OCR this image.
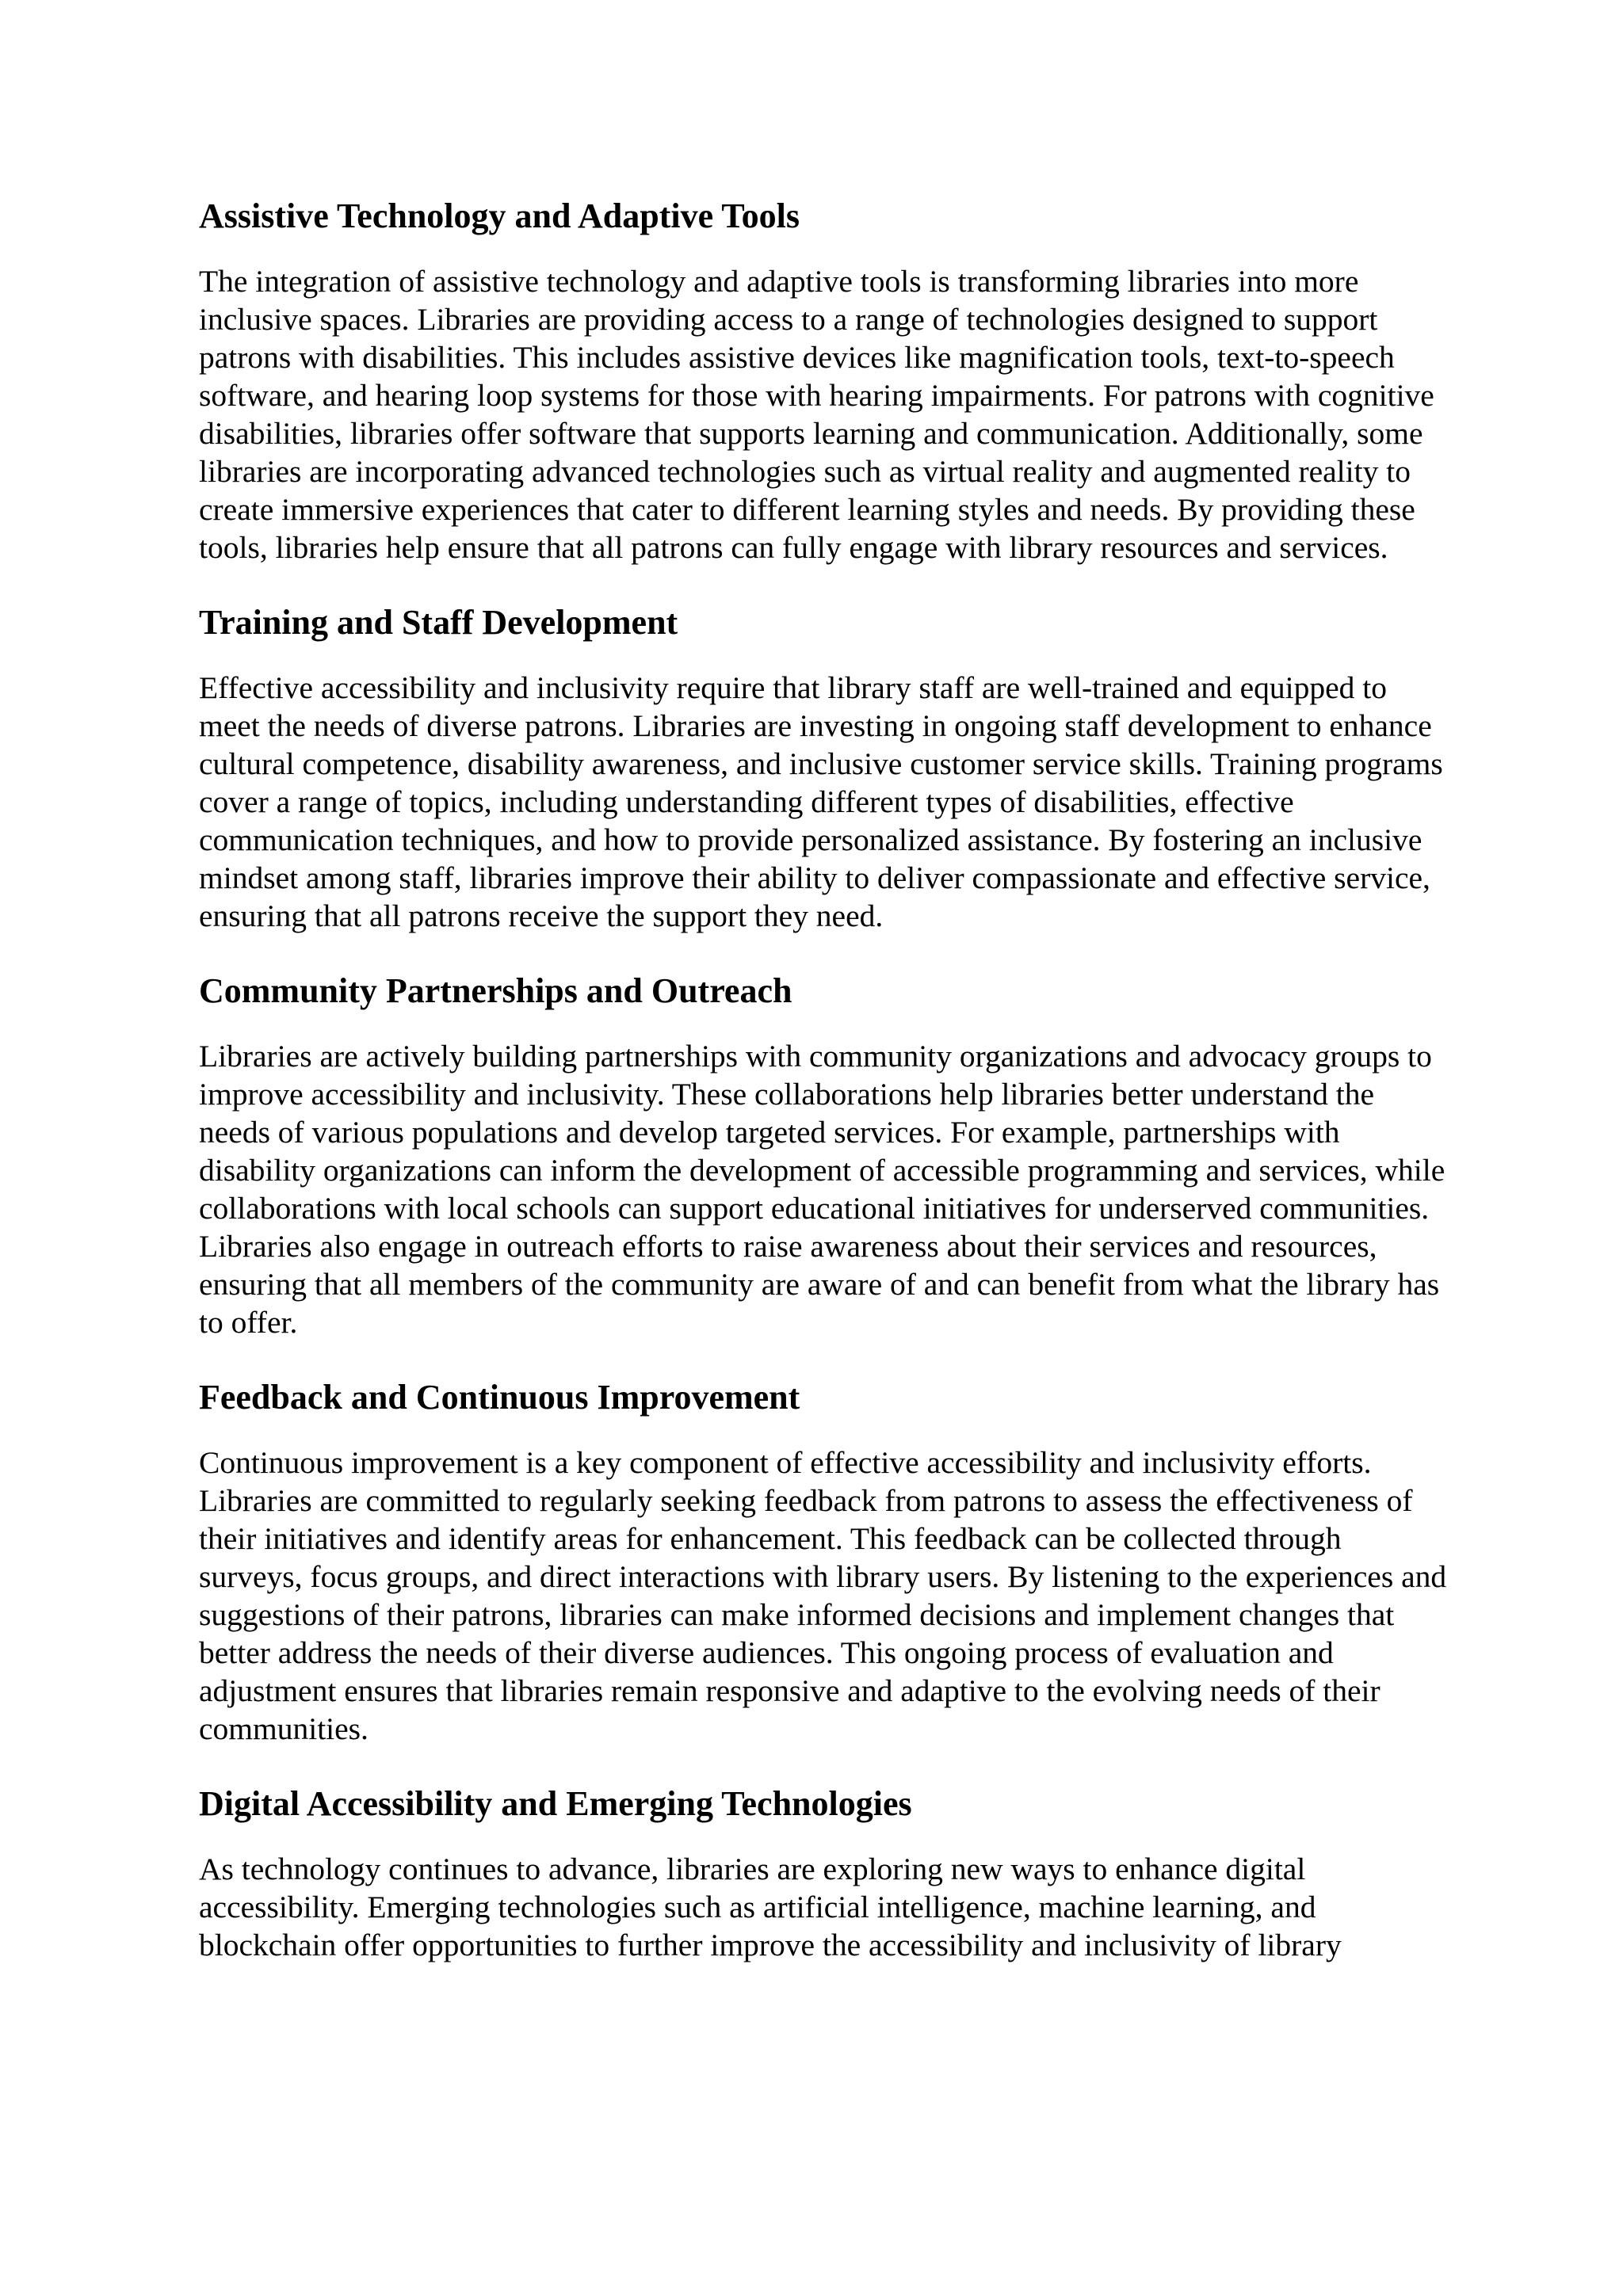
Assistive Technology and Adaptive Tools

The integration of assistive technology and adaptive tools is transforming libraries into more inclusive spaces. Libraries are providing access to a range of technologies designed to support patrons with disabilities. This includes assistive devices like magnification tools, text-to-speech software, and hearing loop systems for those with hearing impairments. For patrons with cognitive disabilities, libraries offer software that supports learning and communication. Additionally, some libraries are incorporating advanced technologies such as virtual reality and augmented reality to create immersive experiences that cater to different learning styles and needs. By providing these tools, libraries help ensure that all patrons can fully engage with library resources and services.

Training and Staff Development

Effective accessibility and inclusivity require that library staff are well-trained and equipped to meet the needs of diverse patrons. Libraries are investing in ongoing staff development to enhance cultural competence, disability awareness, and inclusive customer service skills. Training programs cover a range of topics, including understanding different types of disabilities, effective communication techniques, and how to provide personalized assistance. By fostering an inclusive mindset among staff, libraries improve their ability to deliver compassionate and effective service, ensuring that all patrons receive the support they need.

Community Partnerships and Outreach

Libraries are actively building partnerships with community organizations and advocacy groups to improve accessibility and inclusivity. These collaborations help libraries better understand the needs of various populations and develop targeted services. For example, partnerships with disability organizations can inform the development of accessible programming and services, while collaborations with local schools can support educational initiatives for underserved communities. Libraries also engage in outreach efforts to raise awareness about their services and resources, ensuring that all members of the community are aware of and can benefit from what the library has to offer.

Feedback and Continuous Improvement

Continuous improvement is a key component of effective accessibility and inclusivity efforts. Libraries are committed to regularly seeking feedback from patrons to assess the effectiveness of their initiatives and identify areas for enhancement. This feedback can be collected through surveys, focus groups, and direct interactions with library users. By listening to the experiences and suggestions of their patrons, libraries can make informed decisions and implement changes that better address the needs of their diverse audiences. This ongoing process of evaluation and adjustment ensures that libraries remain responsive and adaptive to the evolving needs of their communities.

Digital Accessibility and Emerging Technologies

As technology continues to advance, libraries are exploring new ways to enhance digital accessibility. Emerging technologies such as artificial intelligence, machine learning, and blockchain offer opportunities to further improve the accessibility and inclusivity of library
